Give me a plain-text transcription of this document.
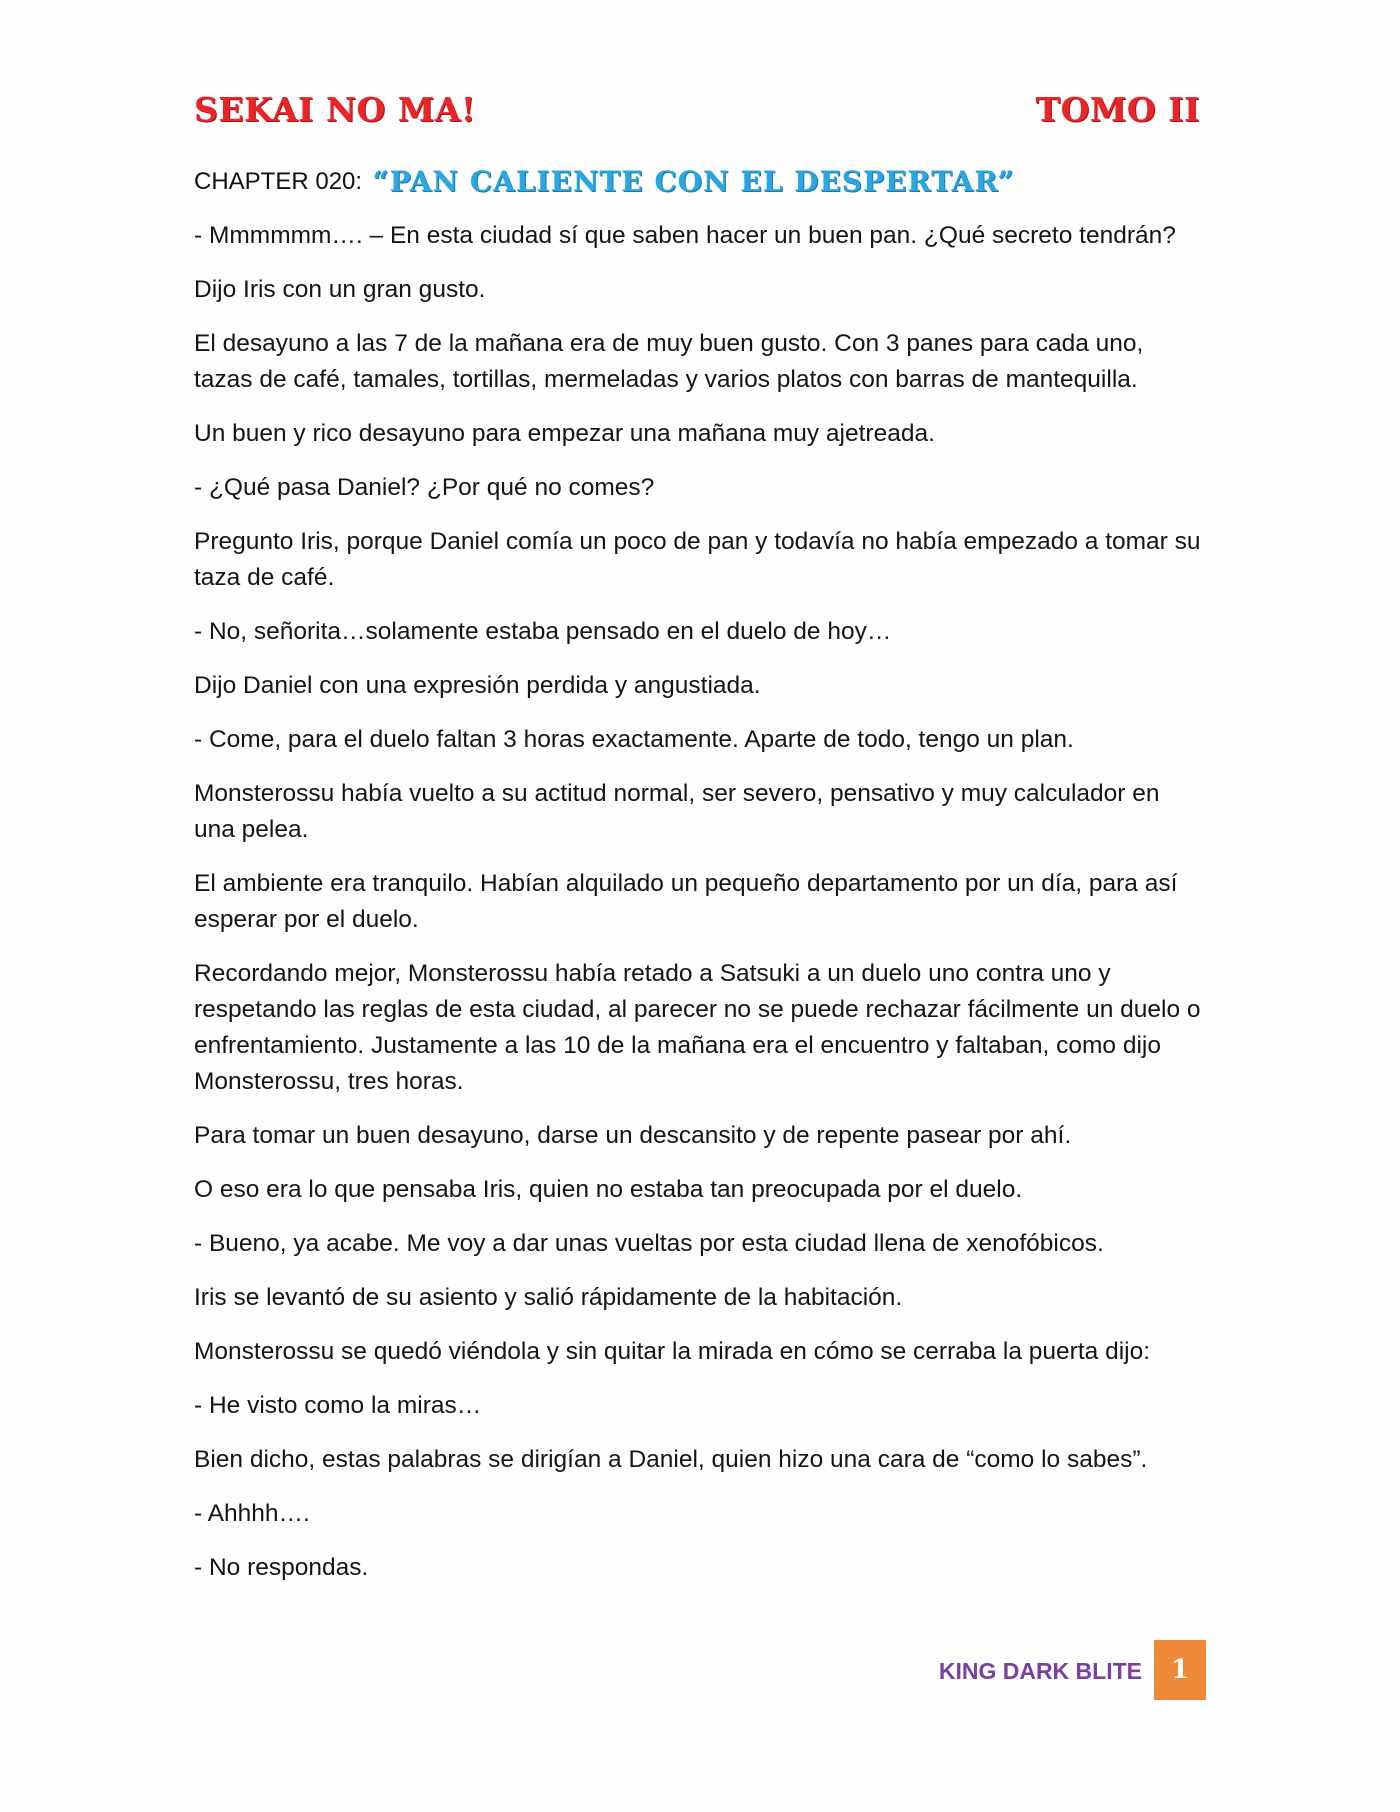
SEKAI NO MA!	TOMO II
CHAPTER 020: “PAN CALIENTE CON EL DESPERTAR”

- Mmmmmm…. – En esta ciudad sí que saben hacer un buen pan. ¿Qué secreto tendrán?

Dijo Iris con un gran gusto.

El desayuno a las 7 de la mañana era de muy buen gusto. Con 3 panes para cada uno, tazas de café, tamales, tortillas, mermeladas y varios platos con barras de mantequilla.

Un buen y rico desayuno para empezar una mañana muy ajetreada.

- ¿Qué pasa Daniel? ¿Por qué no comes?

Pregunto Iris, porque Daniel comía un poco de pan y todavía no había empezado a tomar su taza de café.

- No, señorita…solamente estaba pensado en el duelo de hoy…

Dijo Daniel con una expresión perdida y angustiada.

- Come, para el duelo faltan 3 horas exactamente. Aparte de todo, tengo un plan.

Monsterossu había vuelto a su actitud normal, ser severo, pensativo y muy calculador en una pelea.

El ambiente era tranquilo. Habían alquilado un pequeño departamento por un día, para así esperar por el duelo.

Recordando mejor, Monsterossu había retado a Satsuki a un duelo uno contra uno y respetando las reglas de esta ciudad, al parecer no se puede rechazar fácilmente un duelo o enfrentamiento. Justamente a las 10 de la mañana era el encuentro y faltaban, como dijo Monsterossu, tres horas.

Para tomar un buen desayuno, darse un descansito y de repente pasear por ahí.

O eso era lo que pensaba Iris, quien no estaba tan preocupada por el duelo.

- Bueno, ya acabe. Me voy a dar unas vueltas por esta ciudad llena de xenofóbicos.

Iris se levantó de su asiento y salió rápidamente de la habitación.

Monsterossu se quedó viéndola y sin quitar la mirada en cómo se cerraba la puerta dijo:

- He visto como la miras…

Bien dicho, estas palabras se dirigían a Daniel, quien hizo una cara de “como lo sabes”.

- Ahhhh….

- No respondas.

KING DARK BLITE	1
